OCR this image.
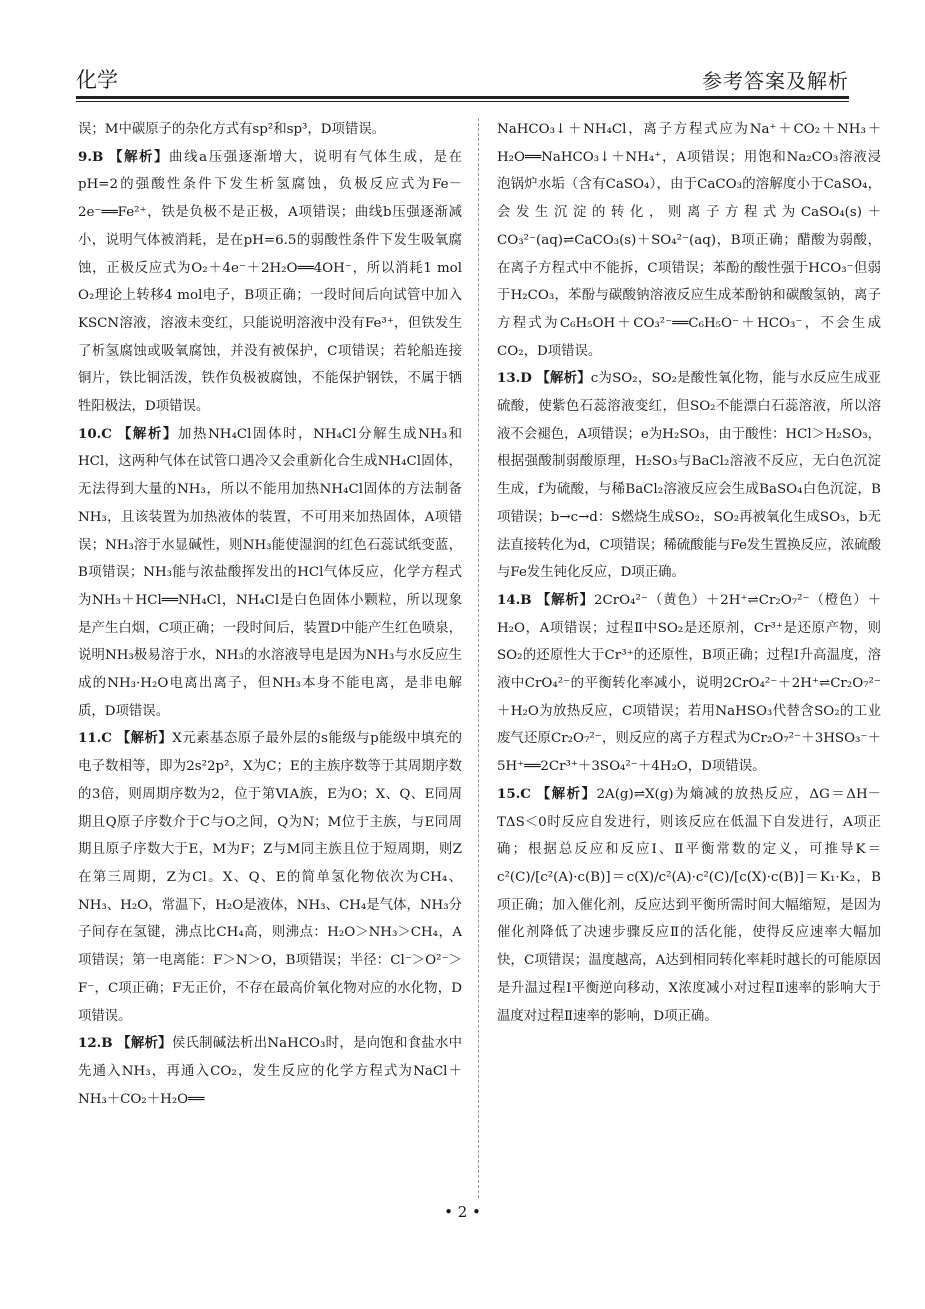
化学	参考答案及解析

误；M中碳原子的杂化方式有sp²和sp³，D项错误。

9.B 【解析】曲线a压强逐渐增大，说明有气体生成，是在pH=2的强酸性条件下发生析氢腐蚀，负极反应式为Fe－2e⁻══Fe²⁺，铁是负极不是正极，A项错误；曲线b压强逐渐减小，说明气体被消耗，是在pH=6.5的弱酸性条件下发生吸氧腐蚀，正极反应式为O₂＋4e⁻＋2H₂O══4OH⁻，所以消耗1 mol O₂理论上转移4 mol电子，B项正确；一段时间后向试管中加入KSCN溶液，溶液未变红，只能说明溶液中没有Fe³⁺，但铁发生了析氢腐蚀或吸氧腐蚀，并没有被保护，C项错误；若轮船连接铜片，铁比铜活泼，铁作负极被腐蚀，不能保护钢铁，不属于牺牲阳极法，D项错误。

10.C 【解析】加热NH₄Cl固体时，NH₄Cl分解生成NH₃和HCl，这两种气体在试管口遇冷又会重新化合生成NH₄Cl固体，无法得到大量的NH₃，所以不能用加热NH₄Cl固体的方法制备NH₃，且该装置为加热液体的装置，不可用来加热固体，A项错误；NH₃溶于水显碱性，则NH₃能使湿润的红色石蕊试纸变蓝，B项错误；NH₃能与浓盐酸挥发出的HCl气体反应，化学方程式为NH₃＋HCl══NH₄Cl，NH₄Cl是白色固体小颗粒，所以现象是产生白烟，C项正确；一段时间后，装置D中能产生红色喷泉，说明NH₃极易溶于水，NH₃的水溶液导电是因为NH₃与水反应生成的NH₃·H₂O电离出离子，但NH₃本身不能电离，是非电解质，D项错误。

11.C 【解析】X元素基态原子最外层的s能级与p能级中填充的电子数相等，即为2s²2p²，X为C；E的主族序数等于其周期序数的3倍，则周期序数为2，位于第ⅥA族，E为O；X、Q、E同周期且Q原子序数介于C与O之间，Q为N；M位于主族，与E同周期且原子序数大于E，M为F；Z与M同主族且位于短周期，则Z在第三周期，Z为Cl。X、Q、E的简单氢化物依次为CH₄、NH₃、H₂O，常温下，H₂O是液体，NH₃、CH₄是气体，NH₃分子间存在氢键，沸点比CH₄高，则沸点：H₂O＞NH₃＞CH₄，A项错误；第一电离能：F＞N＞O，B项错误；半径：Cl⁻＞O²⁻＞F⁻，C项正确；F无正价，不存在最高价氧化物对应的水化物，D项错误。

12.B 【解析】侯氏制碱法析出NaHCO₃时，是向饱和食盐水中先通入NH₃，再通入CO₂，发生反应的化学方程式为NaCl＋NH₃＋CO₂＋H₂O══

NaHCO₃↓＋NH₄Cl，离子方程式应为Na⁺＋CO₂＋NH₃＋H₂O══NaHCO₃↓＋NH₄⁺，A项错误；用饱和Na₂CO₃溶液浸泡锅炉水垢（含有CaSO₄），由于CaCO₃的溶解度小于CaSO₄，会发生沉淀的转化，则离子方程式为CaSO₄(s)＋CO₃²⁻(aq)⇌CaCO₃(s)＋SO₄²⁻(aq)，B项正确；醋酸为弱酸，在离子方程式中不能拆，C项错误；苯酚的酸性强于HCO₃⁻但弱于H₂CO₃，苯酚与碳酸钠溶液反应生成苯酚钠和碳酸氢钠，离子方程式为C₆H₅OH＋CO₃²⁻══C₆H₅O⁻＋HCO₃⁻，不会生成CO₂，D项错误。

13.D 【解析】c为SO₂，SO₂是酸性氧化物，能与水反应生成亚硫酸，使紫色石蕊溶液变红，但SO₂不能漂白石蕊溶液，所以溶液不会褪色，A项错误；e为H₂SO₃，由于酸性：HCl＞H₂SO₃，根据强酸制弱酸原理，H₂SO₃与BaCl₂溶液不反应，无白色沉淀生成，f为硫酸，与稀BaCl₂溶液反应会生成BaSO₄白色沉淀，B项错误；b→c→d：S燃烧生成SO₂，SO₂再被氧化生成SO₃，b无法直接转化为d，C项错误；稀硫酸能与Fe发生置换反应，浓硫酸与Fe发生钝化反应，D项正确。

14.B 【解析】2CrO₄²⁻（黄色）＋2H⁺⇌Cr₂O₇²⁻（橙色）＋H₂O，A项错误；过程Ⅱ中SO₂是还原剂，Cr³⁺是还原产物，则SO₂的还原性大于Cr³⁺的还原性，B项正确；过程Ⅰ升高温度，溶液中CrO₄²⁻的平衡转化率减小，说明2CrO₄²⁻＋2H⁺⇌Cr₂O₇²⁻＋H₂O为放热反应，C项错误；若用NaHSO₃代替含SO₂的工业废气还原Cr₂O₇²⁻，则反应的离子方程式为Cr₂O₇²⁻＋3HSO₃⁻＋5H⁺══2Cr³⁺＋3SO₄²⁻＋4H₂O，D项错误。

15.C 【解析】2A(g)⇌X(g)为熵减的放热反应，ΔG＝ΔH－TΔS＜0时反应自发进行，则该反应在低温下自发进行，A项正确；根据总反应和反应Ⅰ、Ⅱ平衡常数的定义，可推导K＝c²(C)/[c²(A)·c(B)]＝c(X)/c²(A)·c²(C)/[c(X)·c(B)]＝K₁·K₂，B项正确；加入催化剂，反应达到平衡所需时间大幅缩短，是因为催化剂降低了决速步骤反应Ⅱ的活化能，使得反应速率大幅加快，C项错误；温度越高，A达到相同转化率耗时越长的可能原因是升温过程Ⅰ平衡逆向移动，X浓度减小对过程Ⅱ速率的影响大于温度对过程Ⅱ速率的影响，D项正确。

• 2 •
